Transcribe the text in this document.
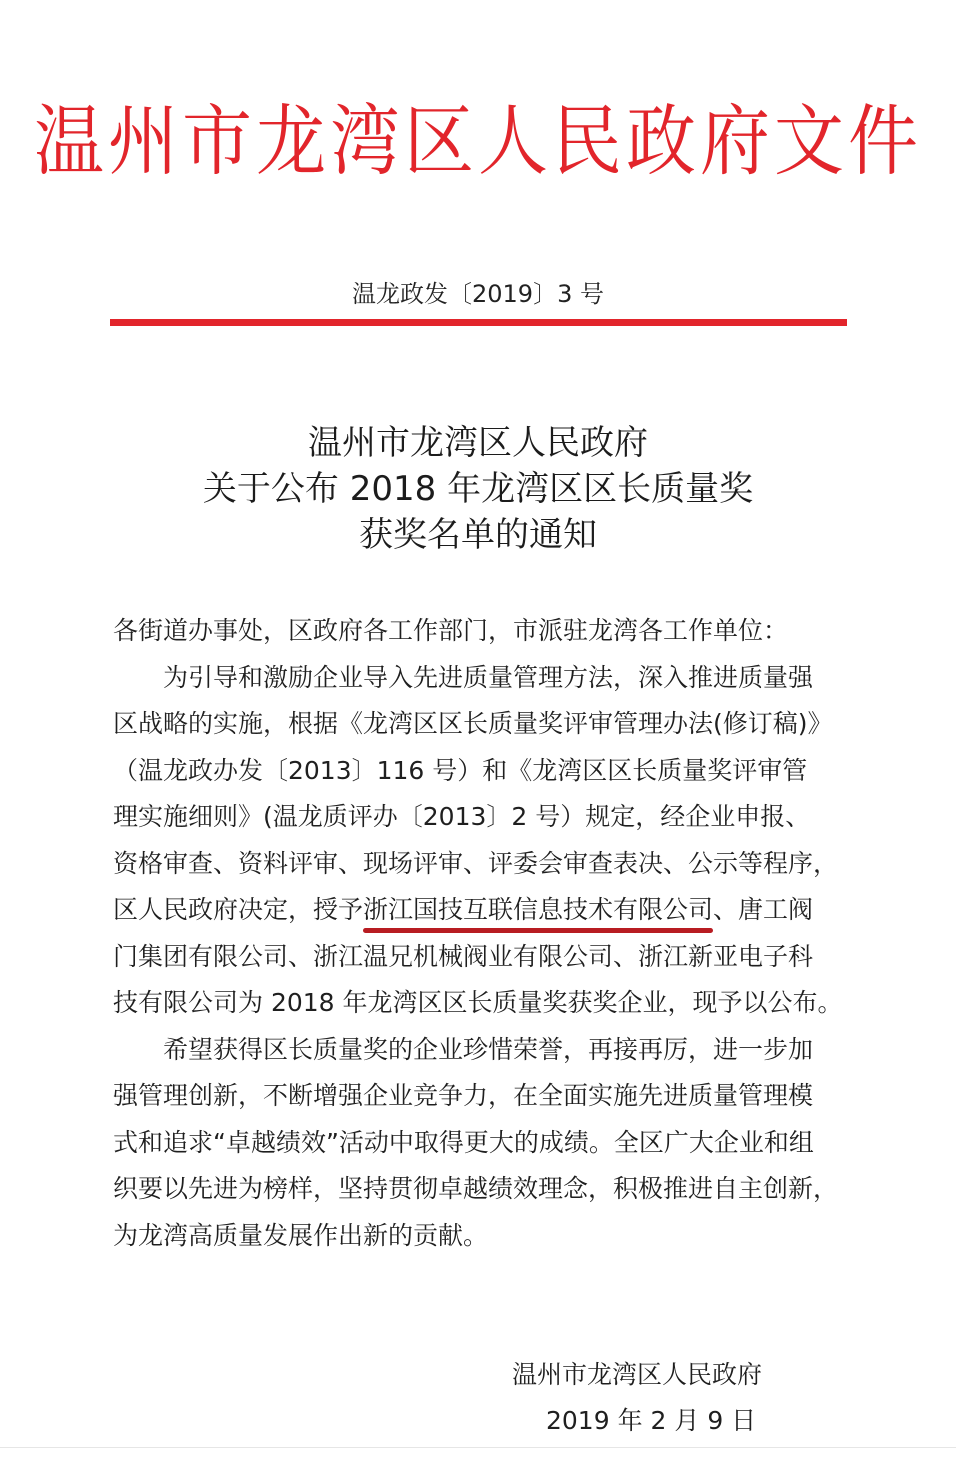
温州市龙湾区人民政府文件
温龙政发〔2019〕3 号
温州市龙湾区人民政府
关于公布 2018 年龙湾区区长质量奖
获奖名单的通知
各街道办事处，区政府各工作部门，市派驻龙湾各工作单位：
为引导和激励企业导入先进质量管理方法，深入推进质量强
区战略的实施，根据《龙湾区区长质量奖评审管理办法(修订稿)》
（温龙政办发〔2013〕116 号）和《龙湾区区长质量奖评审管
理实施细则》(温龙质评办〔2013〕2 号）规定，经企业申报、
资格审查、资料评审、现场评审、评委会审查表决、公示等程序，
区人民政府决定，授予浙江国技互联信息技术有限公司、唐工阀
门集团有限公司、浙江温兄机械阀业有限公司、浙江新亚电子科
技有限公司为 2018 年龙湾区区长质量奖获奖企业，现予以公布。
希望获得区长质量奖的企业珍惜荣誉，再接再厉，进一步加
强管理创新，不断增强企业竞争力，在全面实施先进质量管理模
式和追求“卓越绩效”活动中取得更大的成绩。全区广大企业和组
织要以先进为榜样，坚持贯彻卓越绩效理念，积极推进自主创新，
为龙湾高质量发展作出新的贡献。
温州市龙湾区人民政府
2019 年 2 月 9 日
